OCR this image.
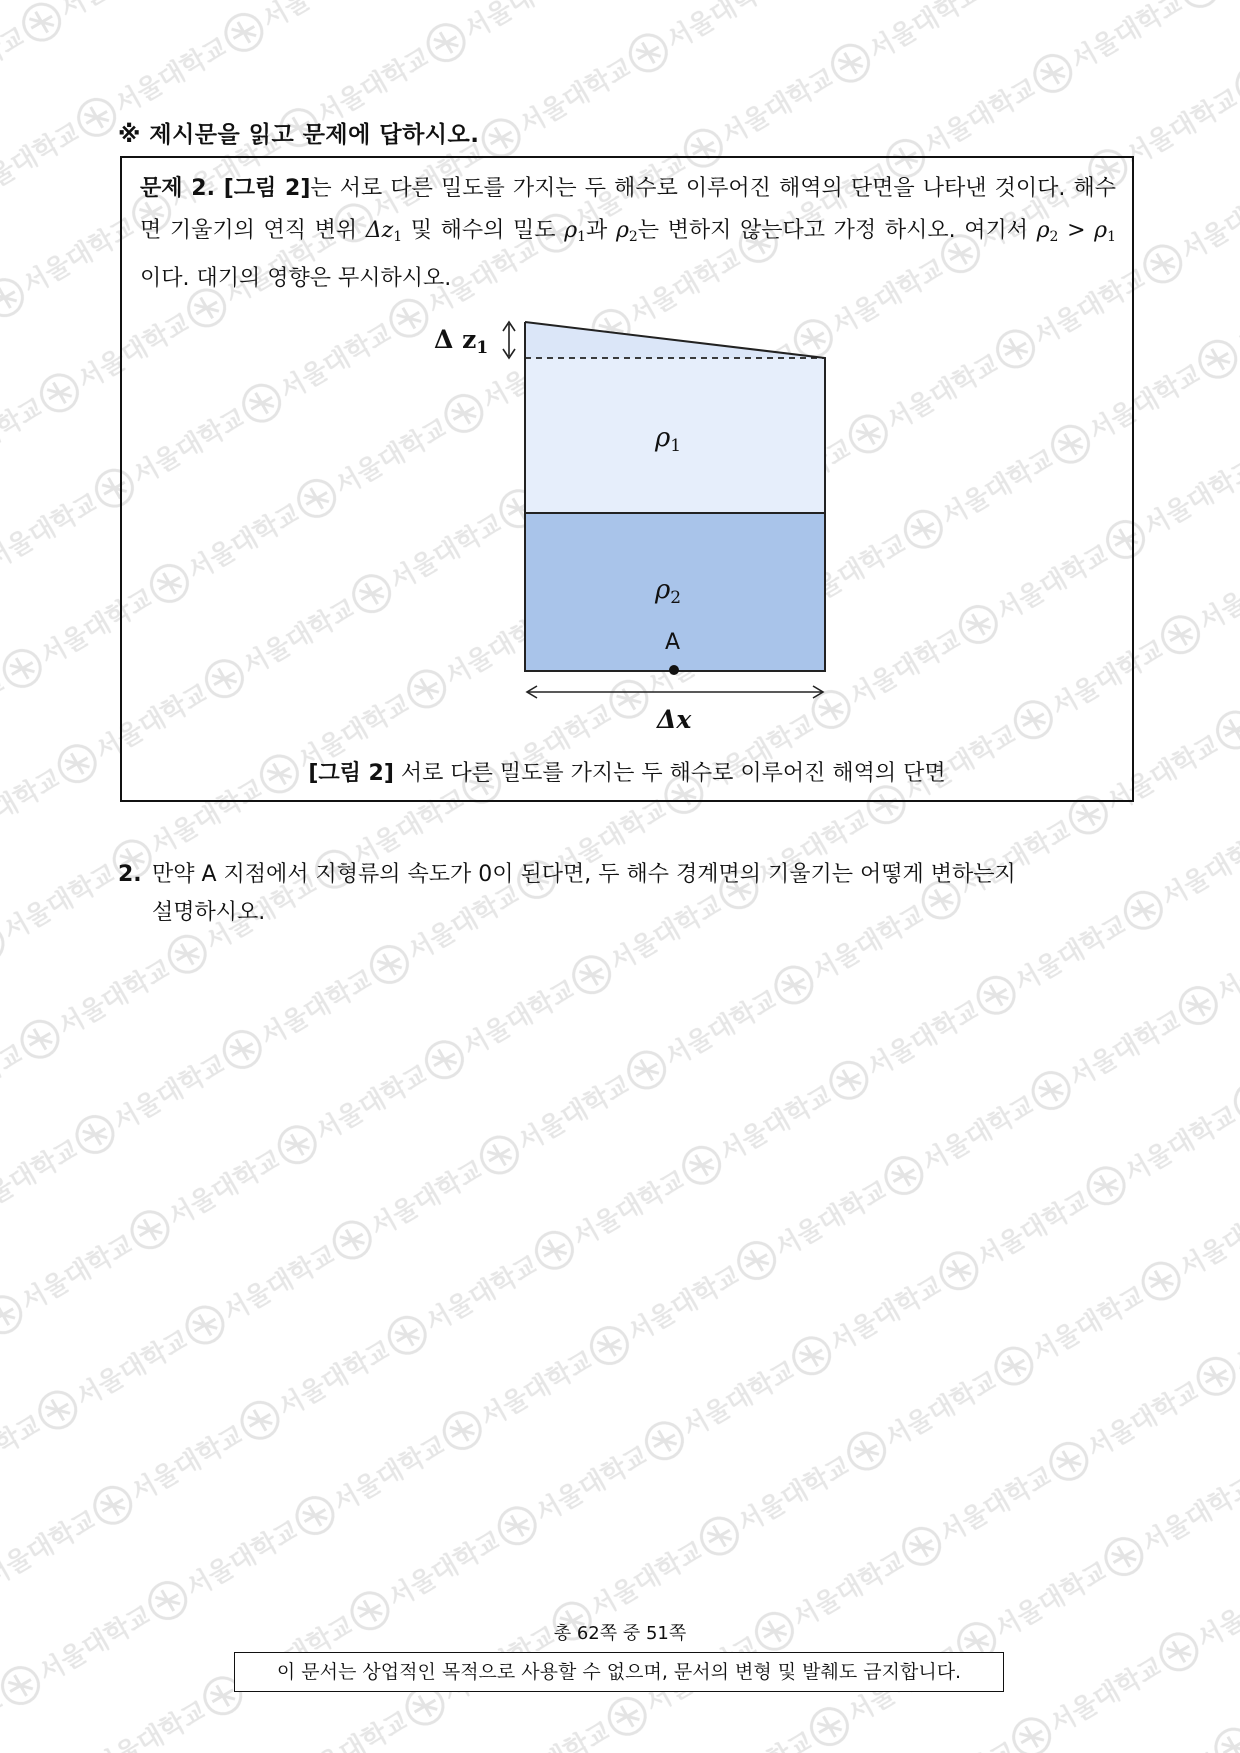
※ 제시문을 읽고 문제에 답하시오.
문제 2. [그림 2]는 서로 다른 밀도를 가지는 두 해수로 이루어진 해역의 단면을 나타낸 것이다. 해수면 기울기의 연직 변위 $\Delta z_1$ 및 해수의 밀도 $\rho_1$과 $\rho_2$는 변하지 않는다고 가정 하시오. 여기서 $\rho_2 > \rho_1$ 이다. 대기의 영향은 무시하시오.
Δ $z_1$
ρ1
ρ2
A
Δx
[그림 2] 서로 다른 밀도를 가지는 두 해수로 이루어진 해역의 단면
2. 만약 A 지점에서 지형류의 속도가 0이 된다면, 두 해수 경계면의 기울기는 어떻게 변하는지
설명하시오.
총 62쪽 중 51쪽
이 문서는 상업적인 목적으로 사용할 수 없으며, 문서의 변형 및 발췌도 금지합니다.
